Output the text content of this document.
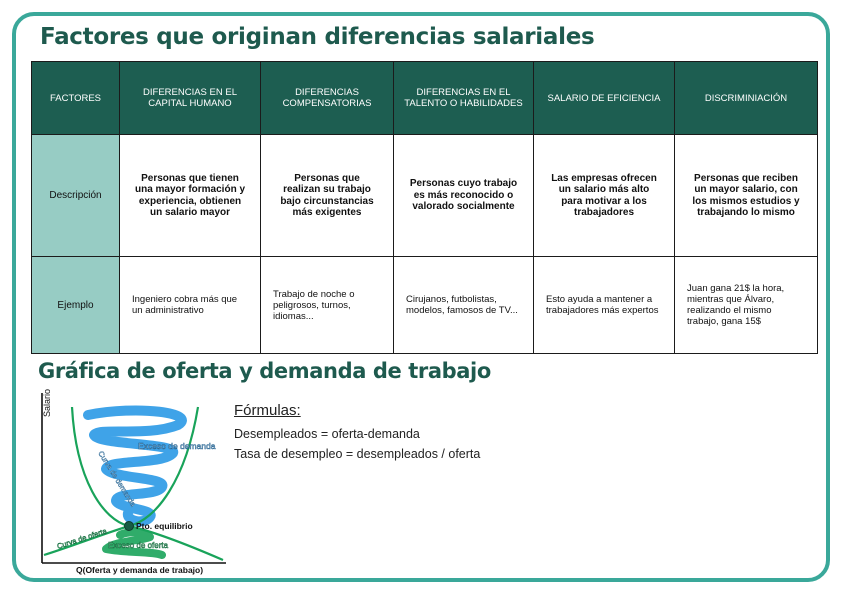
Factores que originan diferencias salariales
FACTORES	DIFERENCIAS EN EL CAPITAL HUMANO	DIFERENCIAS COMPENSATORIAS	DIFERENCIAS EN EL TALENTO O HABILIDADES	SALARIO DE EFICIENCIA	DISCRIMINIACIÓN
Descripción	Personas que tienen una mayor formación y experiencia, obtienen un salario mayor	Personas que realizan su trabajo bajo circunstancias más exigentes	Personas cuyo trabajo es más reconocido o valorado socialmente	Las empresas ofrecen un salario más alto para motivar a los trabajadores	Personas que reciben un mayor salario, con los mismos estudios y trabajando lo mismo
Ejemplo	Ingeniero cobra más que un administrativo	Trabajo de noche o peligrosos, turnos, idiomas...	Cirujanos, futbolistas, modelos, famosos de TV...	Esto ayuda a mantener a trabajadores más expertos	Juan gana 21$ la hora, mientras que Álvaro, realizando el mismo trabajo, gana 15$
Gráfica de oferta y demanda de trabajo
Salario
Q(Oferta y demanda de trabajo)
Exceso de demanda
Curva de demanda
Curva de oferta Exceso de oferta
Pto. equilibrio
Fórmulas:
Desempleados = oferta-demanda
Tasa de desempleo = desempleados / oferta
